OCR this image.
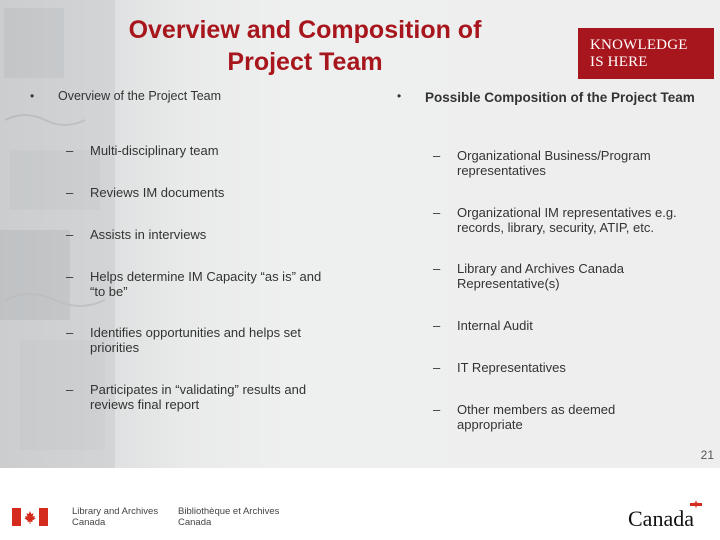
Overview and Composition of
Project Team
KNOWLEDGE
IS HERE
• Overview of the Project Team
–	Multi-disciplinary team
–	Reviews IM documents
–	Assists in interviews
–	Helps determine IM Capacity “as is” and “to be”
–	Identifies opportunities and helps set priorities
–	Participates in “validating” results and reviews final report
• Possible Composition of the Project Team
–	Organizational Business/Program representatives
–	Organizational IM representatives e.g. records, library, security, ATIP, etc.
–	Library and Archives Canada Representative(s)
–	Internal Audit
–	IT Representatives
–	Other members as deemed appropriate
21
Library and Archives
Canada
Bibliothèque et Archives
Canada	Canada
